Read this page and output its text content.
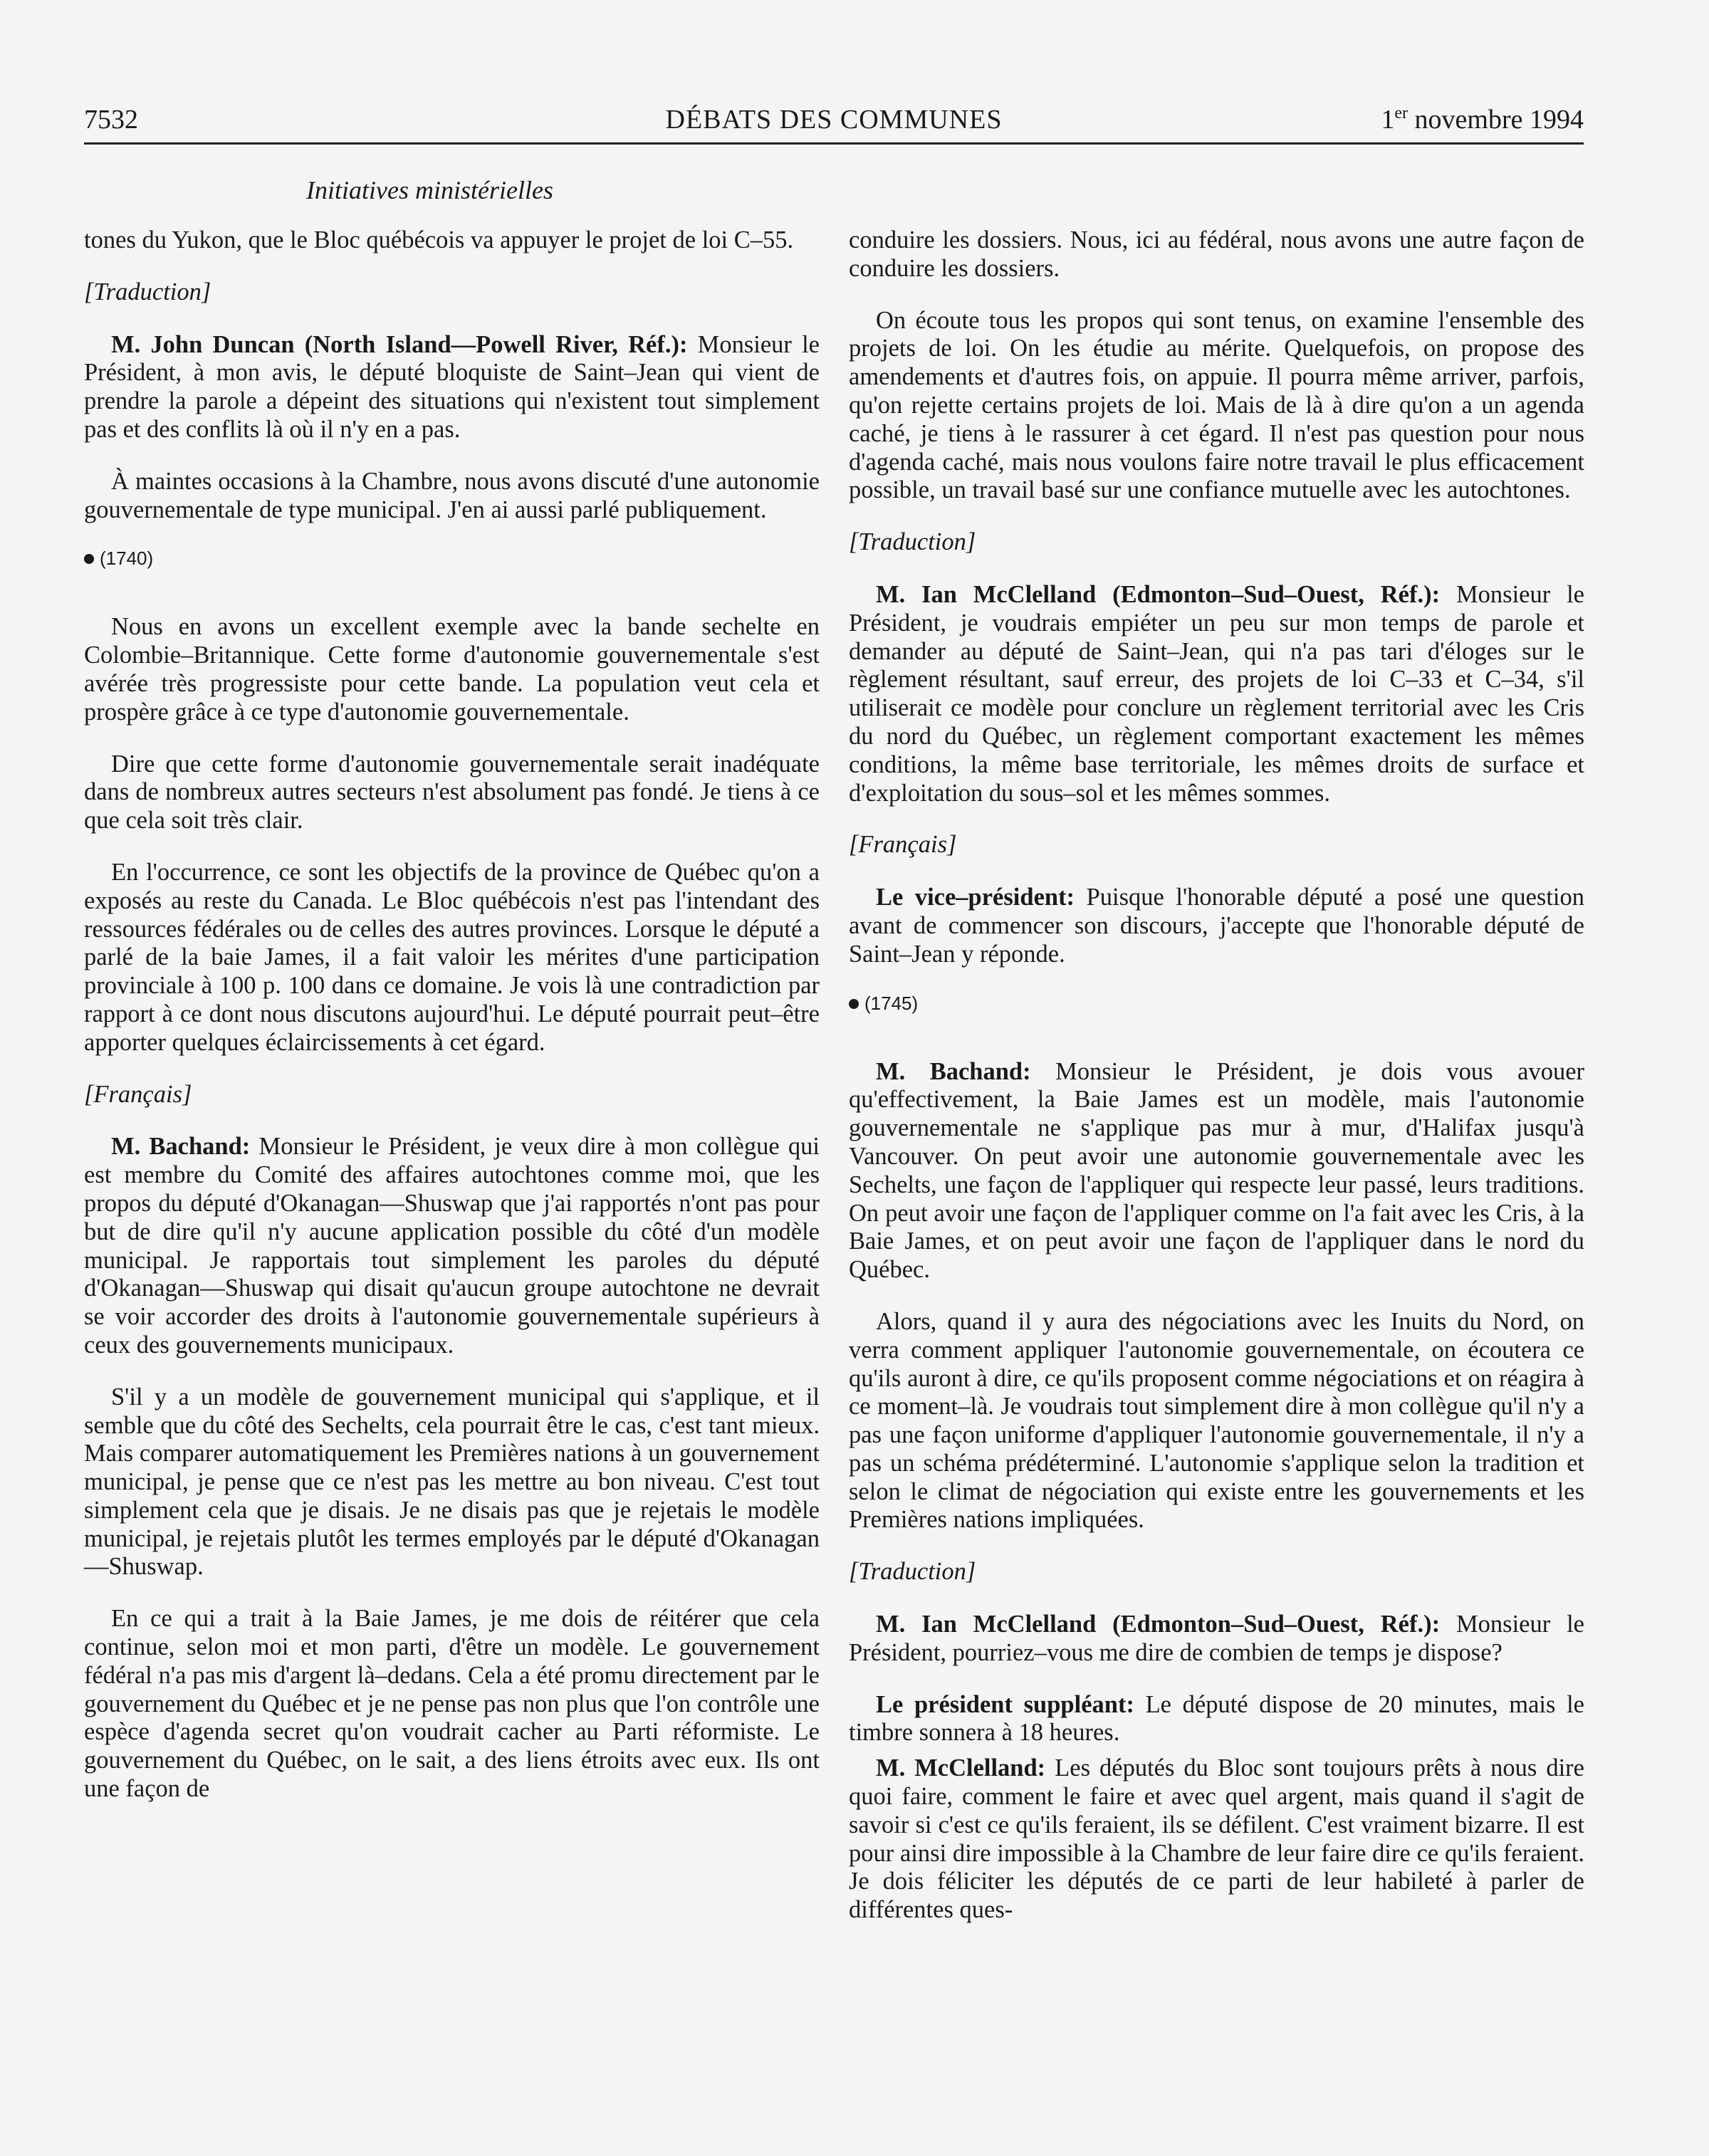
7532	DÉBATS DES COMMUNES	1er novembre 1994
Initiatives ministérielles

tones du Yukon, que le Bloc québécois va appuyer le projet de loi C–55.

[Traduction]

M. John Duncan (North Island—Powell River, Réf.): Monsieur le Président, à mon avis, le député bloquiste de Saint–Jean qui vient de prendre la parole a dépeint des situations qui n'existent tout simplement pas et des conflits là où il n'y en a pas.

À maintes occasions à la Chambre, nous avons discuté d'une autonomie gouvernementale de type municipal. J'en ai aussi parlé publiquement.

(1740)

Nous en avons un excellent exemple avec la bande sechelte en Colombie–Britannique. Cette forme d'autonomie gouvernementale s'est avérée très progressiste pour cette bande. La population veut cela et prospère grâce à ce type d'autonomie gouvernementale.

Dire que cette forme d'autonomie gouvernementale serait inadéquate dans de nombreux autres secteurs n'est absolument pas fondé. Je tiens à ce que cela soit très clair.

En l'occurrence, ce sont les objectifs de la province de Québec qu'on a exposés au reste du Canada. Le Bloc québécois n'est pas l'intendant des ressources fédérales ou de celles des autres provinces. Lorsque le député a parlé de la baie James, il a fait valoir les mérites d'une participation provinciale à 100 p. 100 dans ce domaine. Je vois là une contradiction par rapport à ce dont nous discutons aujourd'hui. Le député pourrait peut–être apporter quelques éclaircissements à cet égard.

[Français]

M. Bachand: Monsieur le Président, je veux dire à mon collègue qui est membre du Comité des affaires autochtones comme moi, que les propos du député d'Okanagan—Shuswap que j'ai rapportés n'ont pas pour but de dire qu'il n'y aucune application possible du côté d'un modèle municipal. Je rapportais tout simplement les paroles du député d'Okanagan—Shuswap qui disait qu'aucun groupe autochtone ne devrait se voir accorder des droits à l'autonomie gouvernementale supérieurs à ceux des gouvernements municipaux.

S'il y a un modèle de gouvernement municipal qui s'applique, et il semble que du côté des Sechelts, cela pourrait être le cas, c'est tant mieux. Mais comparer automatiquement les Premières nations à un gouvernement municipal, je pense que ce n'est pas les mettre au bon niveau. C'est tout simplement cela que je disais. Je ne disais pas que je rejetais le modèle municipal, je rejetais plutôt les termes employés par le député d'Okanagan—Shuswap.

En ce qui a trait à la Baie James, je me dois de réitérer que cela continue, selon moi et mon parti, d'être un modèle. Le gouvernement fédéral n'a pas mis d'argent là–dedans. Cela a été promu directement par le gouvernement du Québec et je ne pense pas non plus que l'on contrôle une espèce d'agenda secret qu'on voudrait cacher au Parti réformiste. Le gouvernement du Québec, on le sait, a des liens étroits avec eux. Ils ont une façon de

conduire les dossiers. Nous, ici au fédéral, nous avons une autre façon de conduire les dossiers.

On écoute tous les propos qui sont tenus, on examine l'ensemble des projets de loi. On les étudie au mérite. Quelquefois, on propose des amendements et d'autres fois, on appuie. Il pourra même arriver, parfois, qu'on rejette certains projets de loi. Mais de là à dire qu'on a un agenda caché, je tiens à le rassurer à cet égard. Il n'est pas question pour nous d'agenda caché, mais nous voulons faire notre travail le plus efficacement possible, un travail basé sur une confiance mutuelle avec les autochtones.

[Traduction]

M. Ian McClelland (Edmonton–Sud–Ouest, Réf.): Monsieur le Président, je voudrais empiéter un peu sur mon temps de parole et demander au député de Saint–Jean, qui n'a pas tari d'éloges sur le règlement résultant, sauf erreur, des projets de loi C–33 et C–34, s'il utiliserait ce modèle pour conclure un règlement territorial avec les Cris du nord du Québec, un règlement comportant exactement les mêmes conditions, la même base territoriale, les mêmes droits de surface et d'exploitation du sous–sol et les mêmes sommes.

[Français]

Le vice–président: Puisque l'honorable député a posé une question avant de commencer son discours, j'accepte que l'honorable député de Saint–Jean y réponde.

(1745)

M. Bachand: Monsieur le Président, je dois vous avouer qu'effectivement, la Baie James est un modèle, mais l'autonomie gouvernementale ne s'applique pas mur à mur, d'Halifax jusqu'à Vancouver. On peut avoir une autonomie gouvernementale avec les Sechelts, une façon de l'appliquer qui respecte leur passé, leurs traditions. On peut avoir une façon de l'appliquer comme on l'a fait avec les Cris, à la Baie James, et on peut avoir une façon de l'appliquer dans le nord du Québec.

Alors, quand il y aura des négociations avec les Inuits du Nord, on verra comment appliquer l'autonomie gouvernementale, on écoutera ce qu'ils auront à dire, ce qu'ils proposent comme négociations et on réagira à ce moment–là. Je voudrais tout simplement dire à mon collègue qu'il n'y a pas une façon uniforme d'appliquer l'autonomie gouvernementale, il n'y a pas un schéma prédéterminé. L'autonomie s'applique selon la tradition et selon le climat de négociation qui existe entre les gouvernements et les Premières nations impliquées.

[Traduction]

M. Ian McClelland (Edmonton–Sud–Ouest, Réf.): Monsieur le Président, pourriez–vous me dire de combien de temps je dispose?

Le président suppléant: Le député dispose de 20 minutes, mais le timbre sonnera à 18 heures.

M. McClelland: Les députés du Bloc sont toujours prêts à nous dire quoi faire, comment le faire et avec quel argent, mais quand il s'agit de savoir si c'est ce qu'ils feraient, ils se défilent. C'est vraiment bizarre. Il est pour ainsi dire impossible à la Chambre de leur faire dire ce qu'ils feraient. Je dois féliciter les députés de ce parti de leur habileté à parler de différentes ques-
